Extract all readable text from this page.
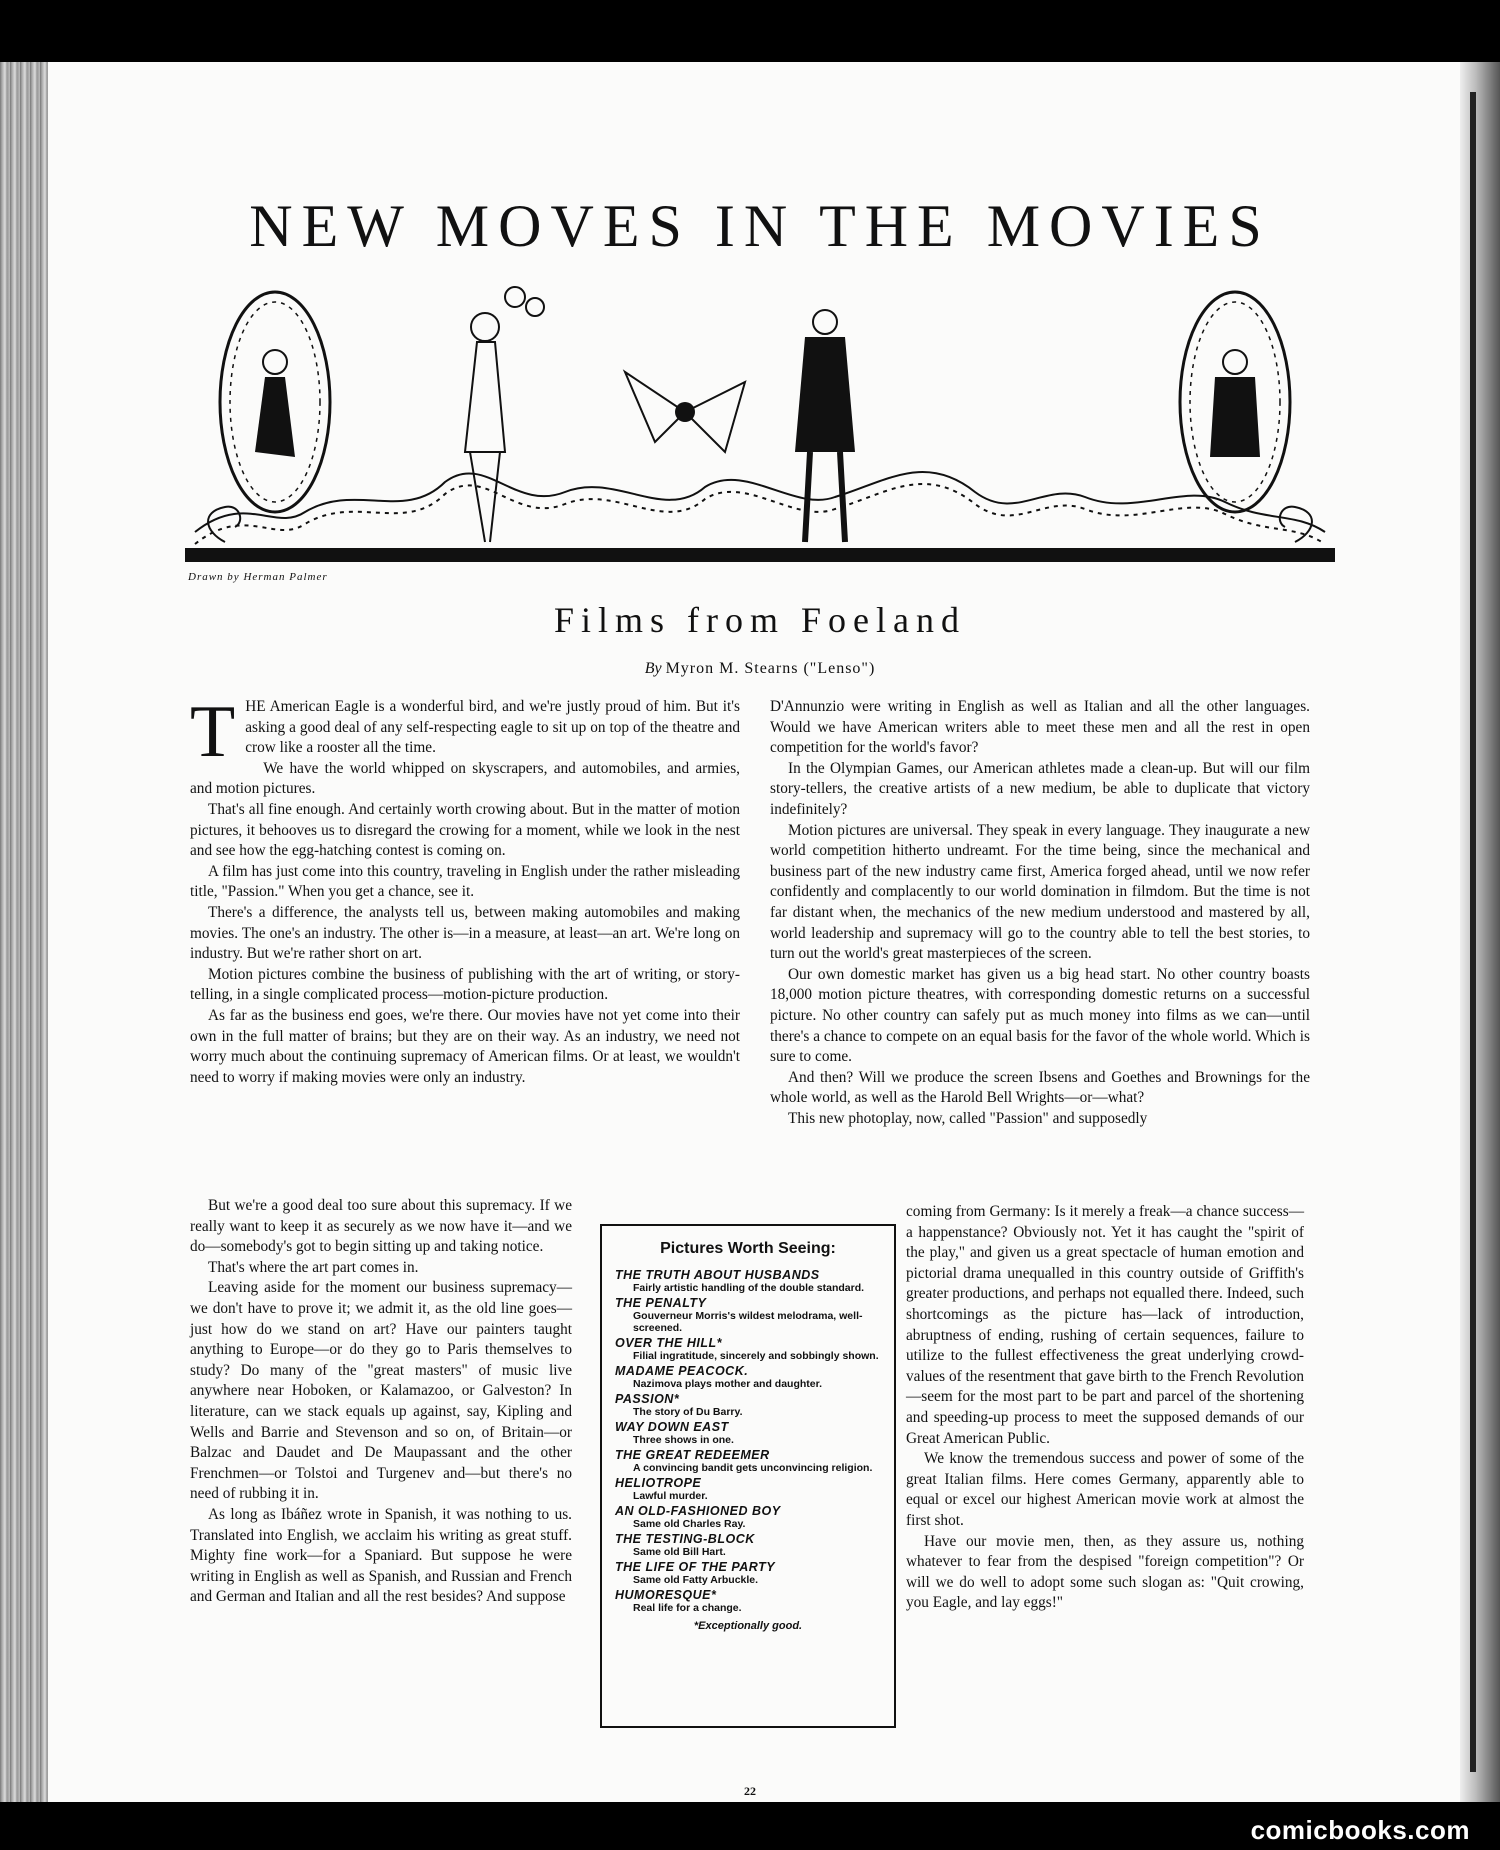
NEW MOVES IN THE MOVIES
Drawn by Herman Palmer
Films from Foeland
By Myron M. Stearns ("Lenso")

THE American Eagle is a wonderful bird, and we're justly proud of him. But it's asking a good deal of any self-respecting eagle to sit up on top of the theatre and crow like a rooster all the time.

We have the world whipped on skyscrapers, and automobiles, and armies, and motion pictures.

That's all fine enough. And certainly worth crowing about. But in the matter of motion pictures, it behooves us to disregard the crowing for a moment, while we look in the nest and see how the egg-hatching contest is coming on.

A film has just come into this country, traveling in English under the rather misleading title, "Passion." When you get a chance, see it.

There's a difference, the analysts tell us, between making automobiles and making movies. The one's an industry. The other is—in a measure, at least—an art. We're long on industry. But we're rather short on art.

Motion pictures combine the business of publishing with the art of writing, or story-telling, in a single complicated process—motion-picture production.

As far as the business end goes, we're there. Our movies have not yet come into their own in the full matter of brains; but they are on their way. As an industry, we need not worry much about the continuing supremacy of American films. Or at least, we wouldn't need to worry if making movies were only an industry.

But we're a good deal too sure about this supremacy. If we really want to keep it as securely as we now have it—and we do—somebody's got to begin sitting up and taking notice.

That's where the art part comes in.

Leaving aside for the moment our business supremacy—we don't have to prove it; we admit it, as the old line goes—just how do we stand on art? Have our painters taught anything to Europe—or do they go to Paris themselves to study? Do many of the "great masters" of music live anywhere near Hoboken, or Kalamazoo, or Galveston? In literature, can we stack equals up against, say, Kipling and Wells and Barrie and Stevenson and so on, of Britain—or Balzac and Daudet and De Maupassant and the other Frenchmen—or Tolstoi and Turgenev and—but there's no need of rubbing it in.

As long as Ibáñez wrote in Spanish, it was nothing to us. Translated into English, we acclaim his writing as great stuff. Mighty fine work—for a Spaniard. But suppose he were writing in English as well as Spanish, and Russian and French and German and Italian and all the rest besides? And suppose

D'Annunzio were writing in English as well as Italian and all the other languages. Would we have American writers able to meet these men and all the rest in open competition for the world's favor?

In the Olympian Games, our American athletes made a clean-up. But will our film story-tellers, the creative artists of a new medium, be able to duplicate that victory indefinitely?

Motion pictures are universal. They speak in every language. They inaugurate a new world competition hitherto undreamt. For the time being, since the mechanical and business part of the new industry came first, America forged ahead, until we now refer confidently and complacently to our world domination in filmdom. But the time is not far distant when, the mechanics of the new medium understood and mastered by all, world leadership and supremacy will go to the country able to tell the best stories, to turn out the world's great masterpieces of the screen.

Our own domestic market has given us a big head start. No other country boasts 18,000 motion picture theatres, with corresponding domestic returns on a successful picture. No other country can safely put as much money into films as we can—until there's a chance to compete on an equal basis for the favor of the whole world. Which is sure to come.

And then? Will we produce the screen Ibsens and Goethes and Brownings for the whole world, as well as the Harold Bell Wrights—or—what?

This new photoplay, now, called "Passion" and supposedly

coming from Germany: Is it merely a freak—a chance success—a happenstance? Obviously not. Yet it has caught the "spirit of the play," and given us a great spectacle of human emotion and pictorial drama unequalled in this country outside of Griffith's greater productions, and perhaps not equalled there. Indeed, such shortcomings as the picture has—lack of introduction, abruptness of ending, rushing of certain sequences, failure to utilize to the fullest effectiveness the great underlying crowd-values of the resentment that gave birth to the French Revolution—seem for the most part to be part and parcel of the shortening and speeding-up process to meet the supposed demands of our Great American Public.

We know the tremendous success and power of some of the great Italian films. Here comes Germany, apparently able to equal or excel our highest American movie work at almost the first shot.

Have our movie men, then, as they assure us, nothing whatever to fear from the despised "foreign competition"? Or will we do well to adopt some such slogan as: "Quit crowing, you Eagle, and lay eggs!"

Pictures Worth Seeing:
THE TRUTH ABOUT HUSBANDS
Fairly artistic handling of the double standard.
THE PENALTY
Gouverneur Morris's wildest melodrama, well-screened.
OVER THE HILL*
Filial ingratitude, sincerely and sobbingly shown.
MADAME PEACOCK.
Nazimova plays mother and daughter.
PASSION*
The story of Du Barry.
WAY DOWN EAST
Three shows in one.
THE GREAT REDEEMER
A convincing bandit gets unconvincing religion.
HELIOTROPE
Lawful murder.
AN OLD-FASHIONED BOY
Same old Charles Ray.
THE TESTING-BLOCK
Same old Bill Hart.
THE LIFE OF THE PARTY
Same old Fatty Arbuckle.
HUMORESQUE*
Real life for a change.
*Exceptionally good.
22
comicbooks.com
